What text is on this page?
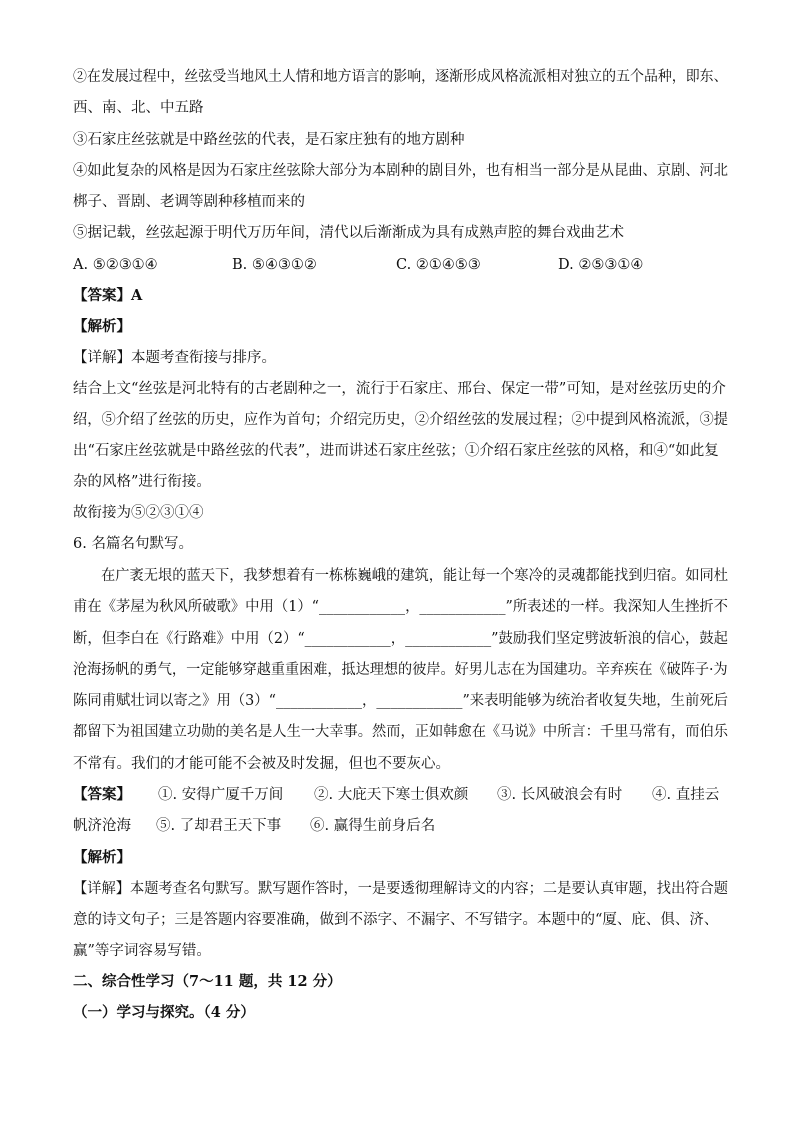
②在发展过程中，丝弦受当地风土人情和地方语言的影响，逐渐形成风格流派相对独立的五个品种，即东、
西、南、北、中五路
③石家庄丝弦就是中路丝弦的代表，是石家庄独有的地方剧种
④如此复杂的风格是因为石家庄丝弦除大部分为本剧种的剧目外，也有相当一部分是从昆曲、京剧、河北
梆子、晋剧、老调等剧种移植而来的
⑤据记载，丝弦起源于明代万历年间，清代以后渐渐成为具有成熟声腔的舞台戏曲艺术
A. ⑤②③①④	B. ⑤④③①②	C. ②①④⑤③	D. ②⑤③①④
【答案】A
【解析】
【详解】本题考查衔接与排序。
结合上文“丝弦是河北特有的古老剧种之一，流行于石家庄、邢台、保定一带”可知，是对丝弦历史的介
绍，⑤介绍了丝弦的历史，应作为首句；介绍完历史，②介绍丝弦的发展过程；②中提到风格流派，③提
出“石家庄丝弦就是中路丝弦的代表”，进而讲述石家庄丝弦；①介绍石家庄丝弦的风格，和④“如此复
杂的风格”进行衔接。
故衔接为⑤②③①④
6. 名篇名句默写。
在广袤无垠的蓝天下，我梦想着有一栋栋巍峨的建筑，能让每一个寒冷的灵魂都能找到归宿。如同杜
甫在《茅屋为秋风所破歌》中用（1）“____________，____________”所表述的一样。我深知人生挫折不
断，但李白在《行路难》中用（2）“____________，____________”鼓励我们坚定劈波斩浪的信心，鼓起
沧海扬帆的勇气，一定能够穿越重重困难，抵达理想的彼岸。好男儿志在为国建功。辛弃疾在《破阵子·为
陈同甫赋壮词以寄之》用（3）“____________，____________”来表明能够为统治者收复失地，生前死后
都留下为祖国建立功勋的美名是人生一大幸事。然而，正如韩愈在《马说》中所言：千里马常有，而伯乐
不常有。我们的才能可能不会被及时发掘，但也不要灰心。
【答案】 ①. 安得广厦千万间 ②. 大庇天下寒士俱欢颜 ③. 长风破浪会有时 ④. 直挂云
帆济沧海 ⑤. 了却君王天下事 ⑥. 赢得生前身后名
【解析】
【详解】本题考查名句默写。默写题作答时，一是要透彻理解诗文的内容；二是要认真审题，找出符合题
意的诗文句子；三是答题内容要准确，做到不添字、不漏字、不写错字。本题中的“厦、庇、俱、济、
赢”等字词容易写错。
二、综合性学习（7～11 题，共 12 分）
（一）学习与探究。（4 分）
